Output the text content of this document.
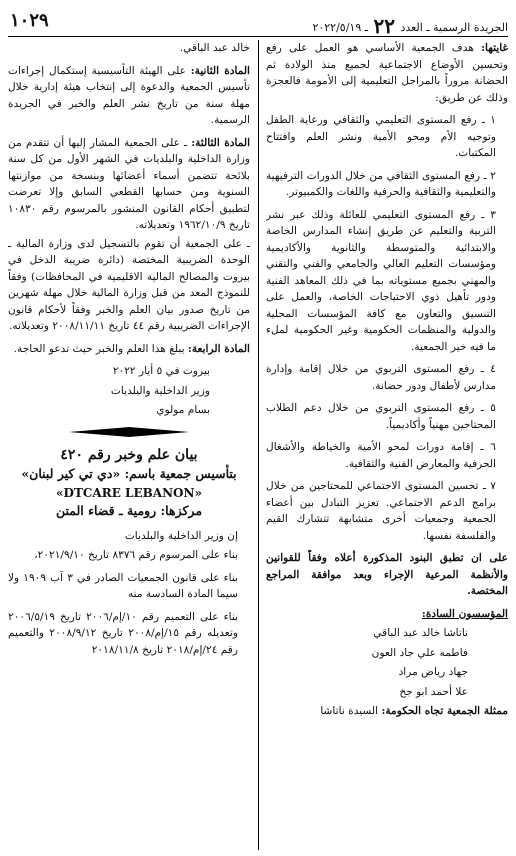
الجريدة الرسمية ـ العدد ٢٢ ـ ٢٠٢٢/٥/١٩
١٠٢٩

غايتها: هدف الجمعية الأساسي هو العمل على رفع وتحسين الأوضاع الاجتماعية لجميع منذ الولادة ثم الحضانة مروراً بالمراحل التعليمية إلى الأمومة فالعجزة وذلك عن طريق:

١ ـ رفع المستوى التعليمي والثقافي ورعاية الطفل وتوجيه الأم ومحو الأمية ونشر العلم وافتتاح المكتبات.

٢ ـ رفع المستوى الثقافي من خلال الدورات الترفيهية والتعليمية والثقافية والحرفية واللغات والكمبيوتر.

٣ ـ رفع المستوى التعليمي للعائلة وذلك عبر نشر التربية والتعليم عن طريق إنشاء المدارس الخاصة والابتدائية والمتوسطة والثانوية والأكاديمية ومؤسسات التعليم العالي والجامعي والفني والتقني والمهني بجميع مستوياته بما في ذلك المعاهد الفنية ودور تأهيل ذوي الاحتياجات الخاصة، والعمل على التنسيق والتعاون مع كافة المؤسسات المحلية والدولية والمنظمات الحكومية وغير الحكومية لملء ما فيه خير الجمعية.

٤ ـ رفع المستوى التربوي من خلال إقامة وإدارة مدارس لأطفال ودور حضانة.

٥ ـ رفع المستوى التربوي من خلال دعم الطلاب المحتاجين مهنياً وأكاديمياً.

٦ ـ إقامة دورات لمحو الأمية والخياطة والأشغال الحرفية والمعارض الفنية والثقافية.

٧ ـ تحسين المستوى الاجتماعي للمحتاجين من خلال برامج الدعم الاجتماعي. تعزيز التبادل بين أعضاء الجمعية وجمعيات أخرى متشابهة تتشارك القيم والفلسفة نفسها.

على ان تطبق البنود المذكورة أعلاه وفقاً للقوانين والأنظمة المرعية الإجراء وبعد موافقة المراجع المختصة.

المؤسسون السادة:

ناتاشا خالد عبد الباقي

فاطمه علي جاد العون

جهاد رياض مراد

علا أحمد ابو جخ

ممثلة الجمعية تجاه الحكومة: السيدة ناتاشا

خالد عبد الباقي.

المادة الثانية: على الهيئة التأسيسية إستكمال إجراءات تأسيس الجمعية والدعوة إلى إنتخاب هيئة إدارية خلال مهلة سنة من تاريخ نشر العلم والخبر في الجريدة الرسمية.

المادة الثالثة: ـ على الجمعية المشار إليها أن تتقدم من وزارة الداخلية والبلديات في الشهر الأول من كل سنة بلائحة تتضمن أسماء أعضائها وبنسخة من موازنتها السنوية ومن حسابها القطعي السابق وإلا تعرضت لتطبيق أحكام القانون المنشور بالمرسوم رقم ١٠٨٣٠ تاريخ ١٩٦٢/١٠/٩ وتعديلاته.

ـ على الجمعية أن تقوم بالتسجيل لدى وزارة المالية ـ الوحدة الضريبية المختصة (دائرة ضريبة الدخل في بيروت والمصالح المالية الاقليمية في المحافظات) وفقاً للنموذج المعد من قبل وزارة المالية خلال مهلة شهرين من تاريخ صدور بيان العلم والخبر وفقاً لأحكام قانون الإجراءات الضريبية رقم ٤٤ تاريخ ٢٠٠٨/١١/١١ وتعديلاته.

المادة الرابعة: يبلغ هذا العلم والخبر حيث تدعو الحاجة.

بيروت في ٥ أيار ٢٠٢٢

وزير الداخلية والبلديات

بسام مولوي

بيان علم وخبر رقم ٤٢٠
بتأسيس جمعية باسم: «دي تي كير لبنان»
«DTCARE LEBANON»
مركزها: رومية ـ قضاء المتن

إن وزير الداخلية والبلديات

بناء على المرسوم رقم ٨٣٧٦ تاريخ ٢٠٢١/٩/١٠،

بناء على قانون الجمعيات الصادر في ٣ آب ١٩٠٩ ولا سيما المادة السادسة منه

بناء على التعميم رقم ١٠/إم/٢٠٠٦ تاريخ ٢٠٠٦/٥/١٩ وتعديله رقم ١٥/إم/٢٠٠٨ تاريخ ٢٠٠٨/٩/١٢ والتعميم رقم ٢٤/إم/٢٠١٨ تاريخ ٢٠١٨/١١/٨
